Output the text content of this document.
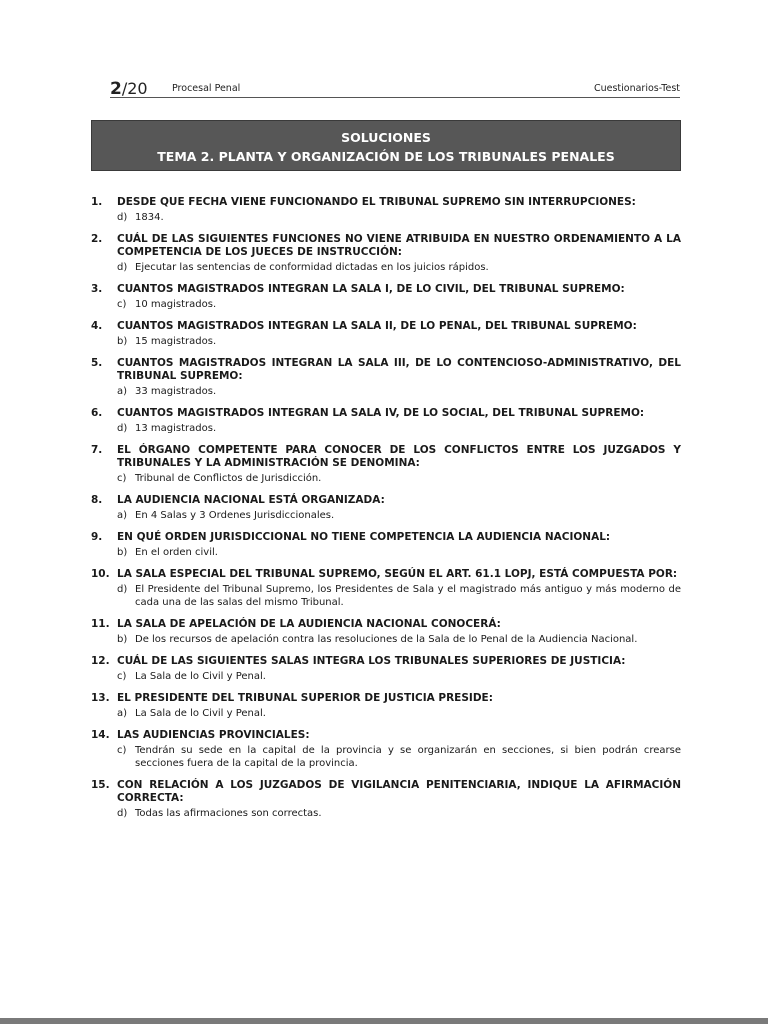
2/20	Procesal Penal	Cuestionarios-Test
SOLUCIONES
TEMA 2. PLANTA Y ORGANIZACIÓN DE LOS TRIBUNALES PENALES
1.	DESDE QUE FECHA VIENE FUNCIONANDO EL TRIBUNAL SUPREMO SIN INTERRUPCIONES:
d) 1834.
2.	CUÁL DE LAS SIGUIENTES FUNCIONES NO VIENE ATRIBUIDA EN NUESTRO ORDENAMIENTO A LA COMPETENCIA DE LOS JUECES DE INSTRUCCIÓN:
d) Ejecutar las sentencias de conformidad dictadas en los juicios rápidos.
3.	CUANTOS MAGISTRADOS INTEGRAN LA SALA I, DE LO CIVIL, DEL TRIBUNAL SUPREMO:
c) 10 magistrados.
4.	CUANTOS MAGISTRADOS INTEGRAN LA SALA II, DE LO PENAL, DEL TRIBUNAL SUPREMO:
b) 15 magistrados.
5.	CUANTOS MAGISTRADOS INTEGRAN LA SALA III, DE LO CONTENCIOSO-ADMINISTRATIVO, DEL TRIBUNAL SUPREMO:
a) 33 magistrados.
6.	CUANTOS MAGISTRADOS INTEGRAN LA SALA IV, DE LO SOCIAL, DEL TRIBUNAL SUPREMO:
d) 13 magistrados.
7.	EL ÓRGANO COMPETENTE PARA CONOCER DE LOS CONFLICTOS ENTRE LOS JUZGADOS Y TRIBUNALES Y LA ADMINISTRACIÓN SE DENOMINA:
c) Tribunal de Conflictos de Jurisdicción.
8.	LA AUDIENCIA NACIONAL ESTÁ ORGANIZADA:
a) En 4 Salas y 3 Ordenes Jurisdiccionales.
9.	EN QUÉ ORDEN JURISDICCIONAL NO TIENE COMPETENCIA LA AUDIENCIA NACIONAL:
b) En el orden civil.
10. LA SALA ESPECIAL DEL TRIBUNAL SUPREMO, SEGÚN EL ART. 61.1 LOPJ, ESTÁ COMPUESTA POR:
d) El Presidente del Tribunal Supremo, los Presidentes de Sala y el magistrado más antiguo y más moderno de cada una de las salas del mismo Tribunal.
11. LA SALA DE APELACIÓN DE LA AUDIENCIA NACIONAL CONOCERÁ:
b) De los recursos de apelación contra las resoluciones de la Sala de lo Penal de la Audiencia Nacional.
12. CUÁL DE LAS SIGUIENTES SALAS INTEGRA LOS TRIBUNALES SUPERIORES DE JUSTICIA:
c) La Sala de lo Civil y Penal.
13. EL PRESIDENTE DEL TRIBUNAL SUPERIOR DE JUSTICIA PRESIDE:
a) La Sala de lo Civil y Penal.
14. LAS AUDIENCIAS PROVINCIALES:
c) Tendrán su sede en la capital de la provincia y se organizarán en secciones, si bien podrán crearse secciones fuera de la capital de la provincia.
15. CON RELACIÓN A LOS JUZGADOS DE VIGILANCIA PENITENCIARIA, INDIQUE LA AFIRMACIÓN CORRECTA:
d) Todas las afirmaciones son correctas.
